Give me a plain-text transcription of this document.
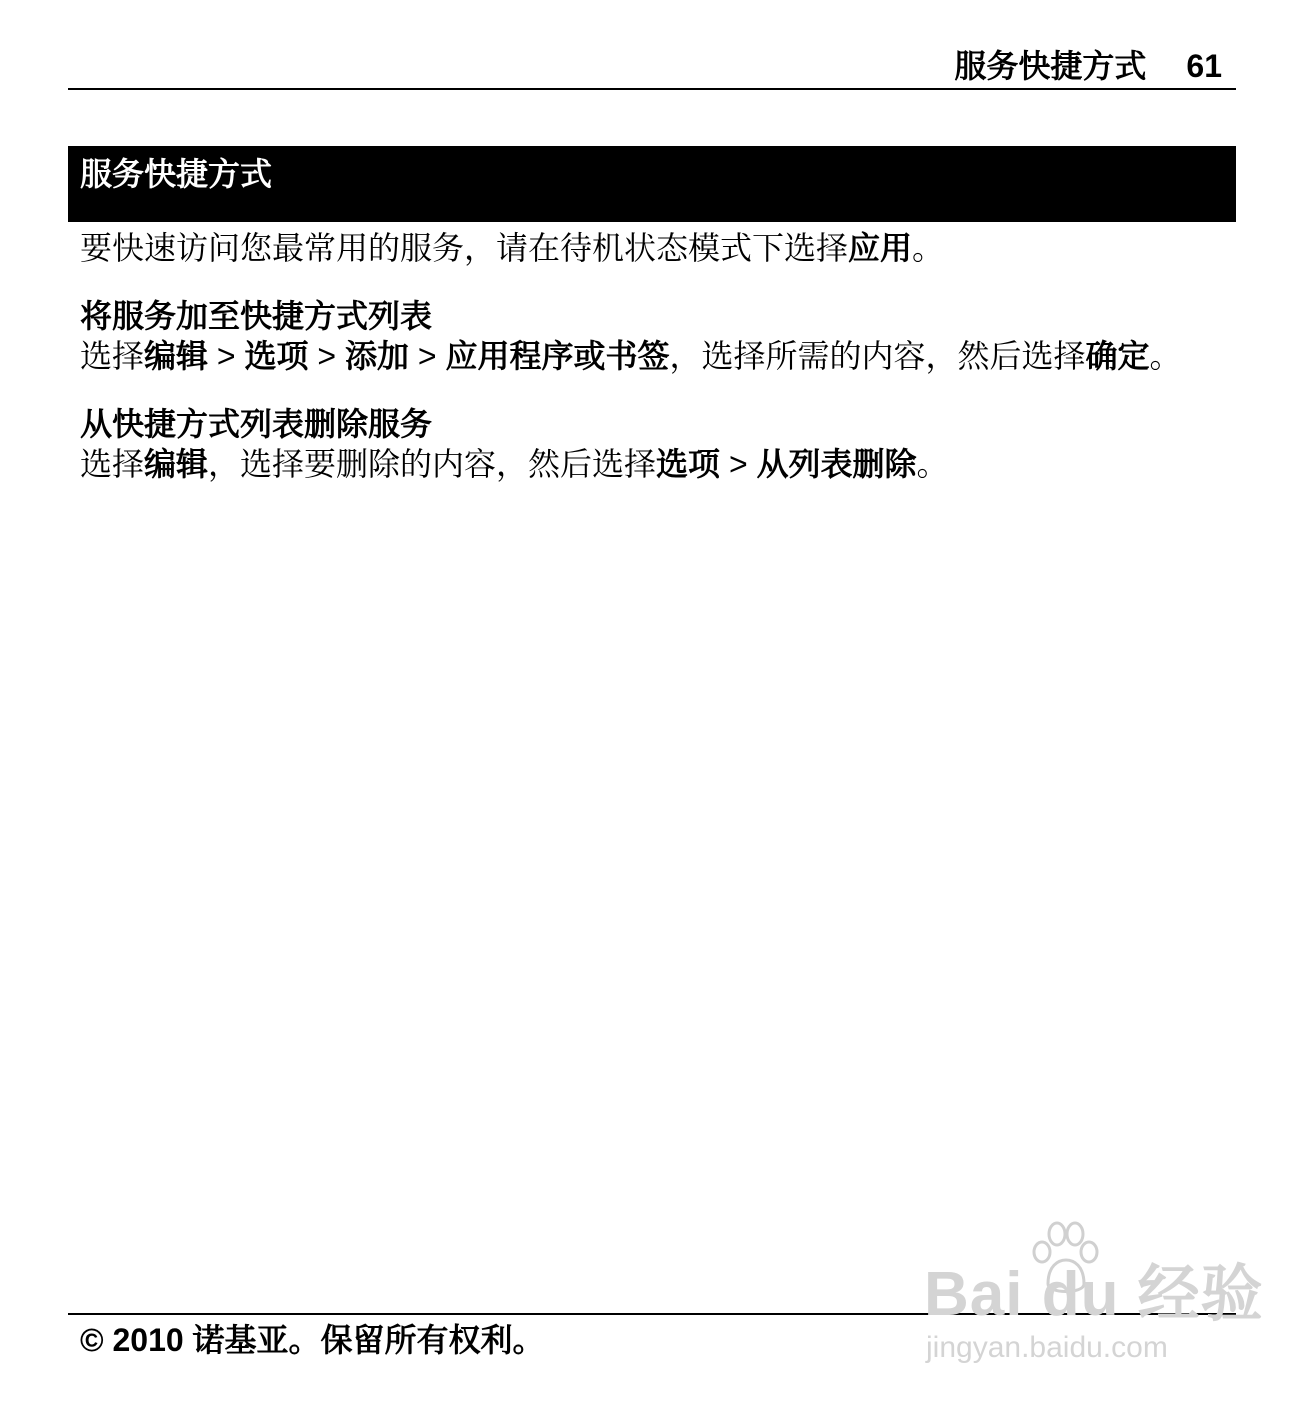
服务快捷方式 61
服务快捷方式

要快速访问您最常用的服务，请在待机状态模式下选择应用。

将服务加至快捷方式列表

选择编辑 > 选项 > 添加 > 应用程序或书签，选择所需的内容，然后选择确定。

从快捷方式列表删除服务

选择编辑，选择要删除的内容，然后选择选项 > 从列表删除。

© 2010 诺基亚。保留所有权利。
Bai du 经验
jingyan.baidu.com
